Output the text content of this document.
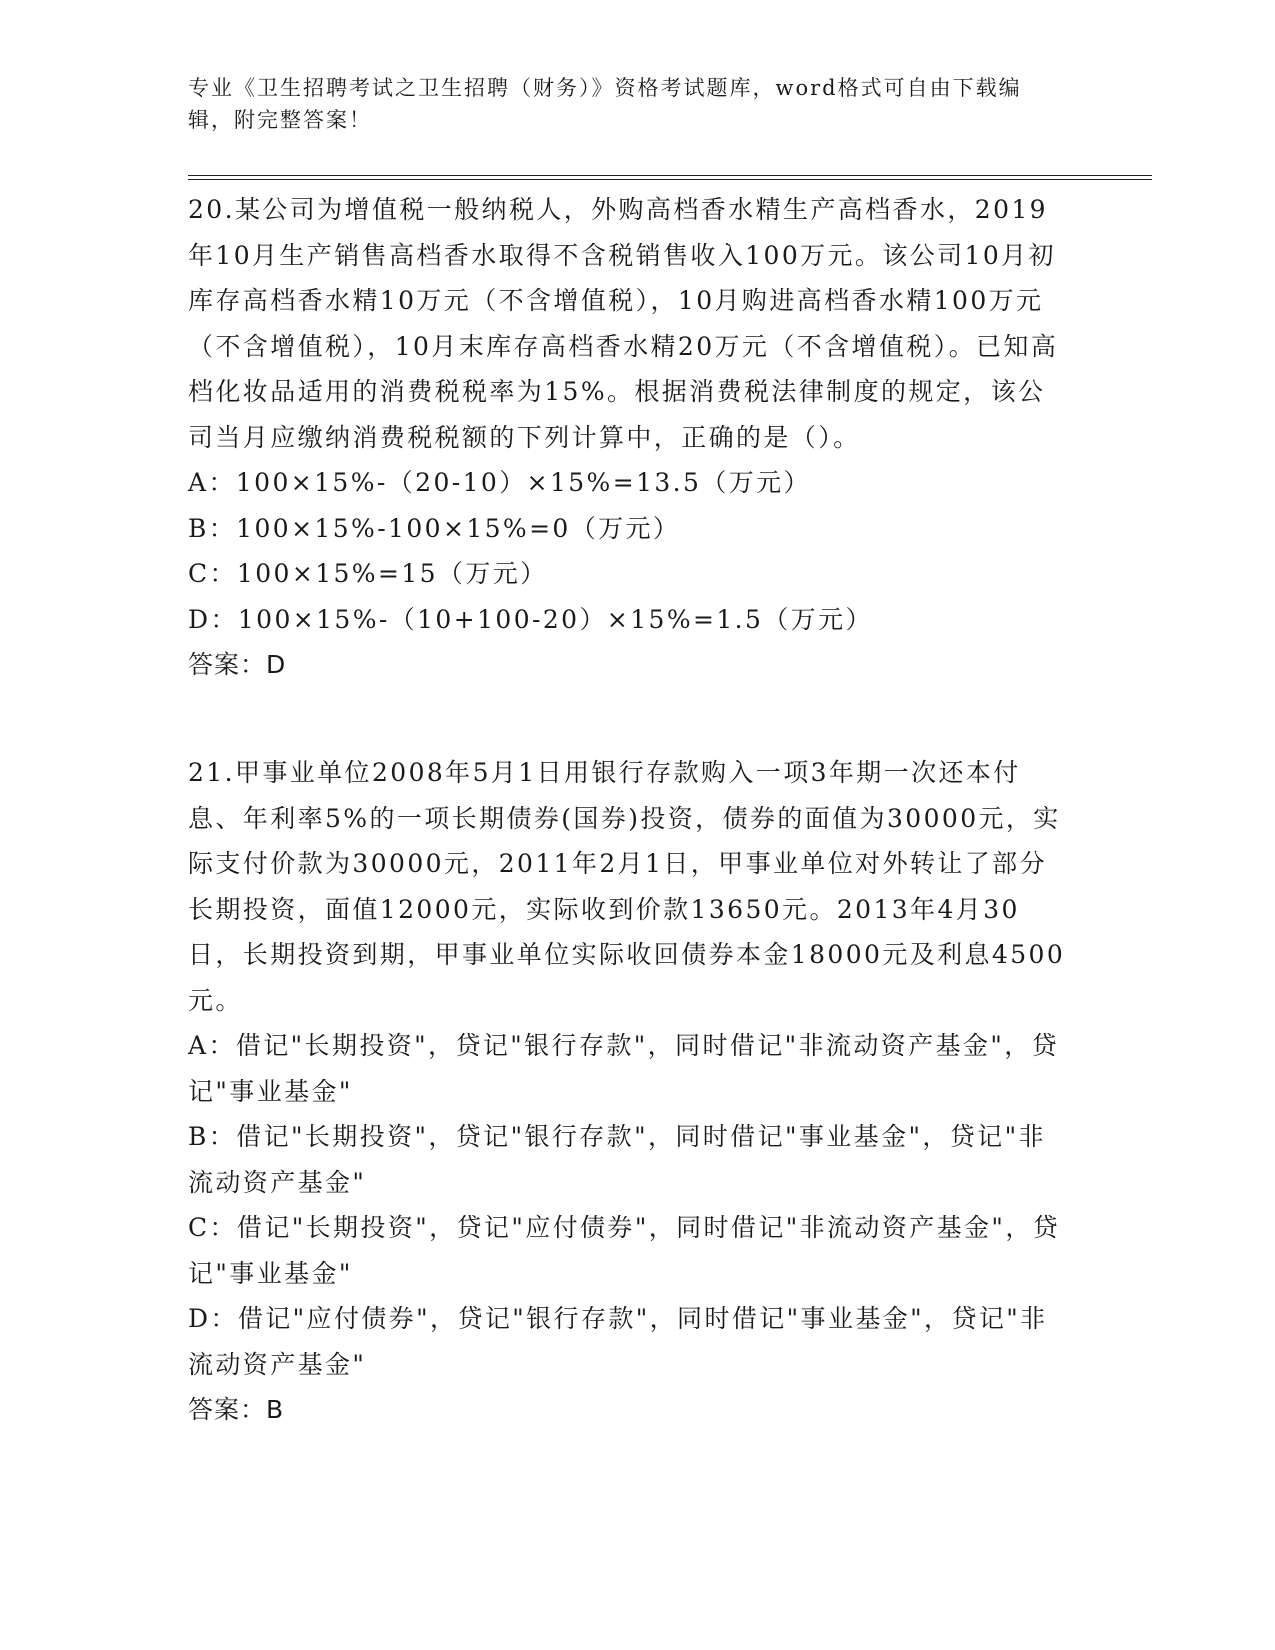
专业《卫生招聘考试之卫生招聘（财务）》资格考试题库，word格式可自由下载编辑，附完整答案！

20.某公司为增值税一般纳税人，外购高档香水精生产高档香水，2019年10月生产销售高档香水取得不含税销售收入100万元。该公司10月初库存高档香水精10万元（不含增值税），10月购进高档香水精100万元（不含增值税），10月末库存高档香水精20万元（不含增值税）。已知高档化妆品适用的消费税税率为15%。根据消费税法律制度的规定，该公司当月应缴纳消费税税额的下列计算中，正确的是（）。

A：100×15%-（20-10）×15%=13.5（万元）

B：100×15%-100×15%=0（万元）

C：100×15%=15（万元）

D：100×15%-（10+100-20）×15%=1.5（万元）

答案：D

21.甲事业单位2008年5月1日用银行存款购入一项3年期一次还本付息、年利率5%的一项长期债券(国券)投资，债券的面值为30000元，实际支付价款为30000元，2011年2月1日，甲事业单位对外转让了部分长期投资，面值12000元，实际收到价款13650元。2013年4月30日，长期投资到期，甲事业单位实际收回债券本金18000元及利息4500元。

A：借记"长期投资"，贷记"银行存款"，同时借记"非流动资产基金"，贷记"事业基金"

B：借记"长期投资"，贷记"银行存款"，同时借记"事业基金"，贷记"非流动资产基金"

C：借记"长期投资"，贷记"应付债券"，同时借记"非流动资产基金"，贷记"事业基金"

D：借记"应付债券"，贷记"银行存款"，同时借记"事业基金"，贷记"非流动资产基金"

答案：B
